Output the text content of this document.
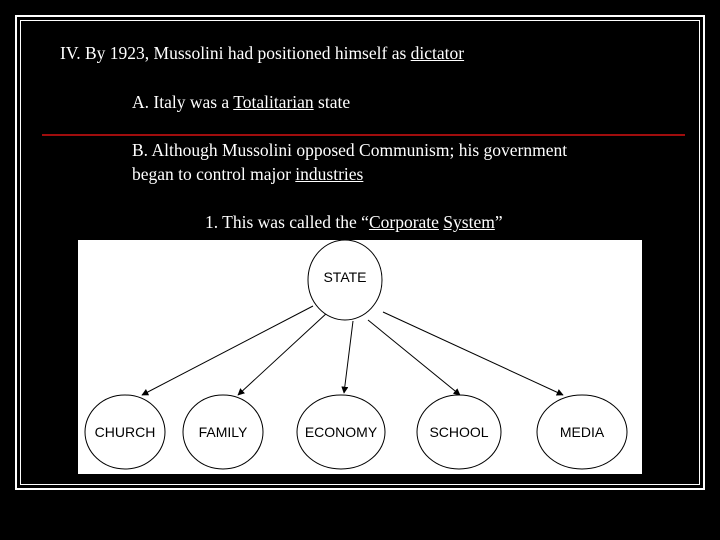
IV. By 1923, Mussolini had positioned himself as dictator
A. Italy was a Totalitarian state
B. Although Mussolini opposed Communism; his government
began to control major industries
1. This was called the “Corporate System”
STATE
CHURCH	FAMILY	ECONOMY	SCHOOL	MEDIA
